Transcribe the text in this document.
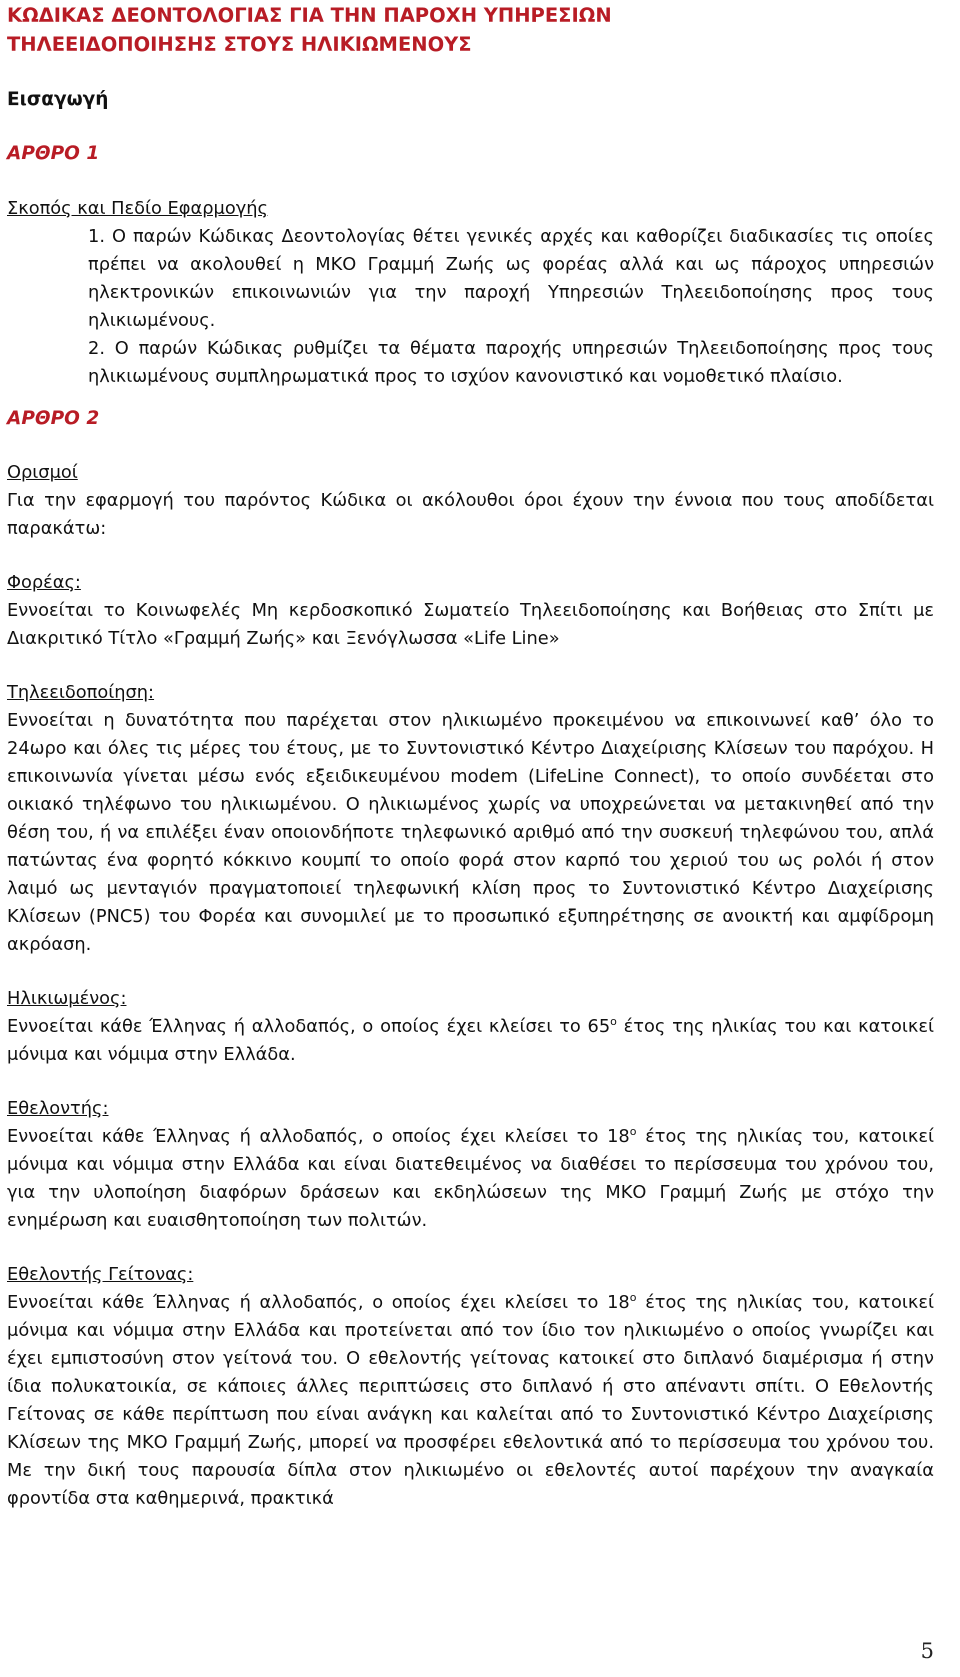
ΚΩΔΙΚΑΣ ΔΕΟΝΤΟΛΟΓΙΑΣ ΓΙΑ ΤΗΝ ΠΑΡΟΧΗ ΥΠΗΡΕΣΙΩΝ
ΤΗΛΕΕΙΔΟΠΟΙΗΣΗΣ ΣΤΟΥΣ ΗΛΙΚΙΩΜΕΝΟΥΣ
Εισαγωγή
ΑΡΘΡΟ 1
Σκοπός και Πεδίο Εφαρμογής
1. Ο παρών Κώδικας Δεοντολογίας θέτει γενικές αρχές και καθορίζει διαδικασίες τις οποίες πρέπει να ακολουθεί η ΜΚΟ Γραμμή Ζωής ως φορέας αλλά και ως πάροχος υπηρεσιών ηλεκτρονικών επικοινωνιών για την παροχή Υπηρεσιών Τηλεειδοποίησης προς τους ηλικιωμένους.
2. Ο παρών Κώδικας ρυθμίζει τα θέματα παροχής υπηρεσιών Τηλεειδοποίησης προς τους ηλικιωμένους συμπληρωματικά προς το ισχύον κανονιστικό και νομοθετικό πλαίσιο.
ΑΡΘΡΟ 2
Ορισμοί
Για την εφαρμογή του παρόντος Κώδικα οι ακόλουθοι όροι έχουν την έννοια που τους αποδίδεται παρακάτω:
Φορέας:
Εννοείται το Κοινωφελές Μη κερδοσκοπικό Σωματείο Τηλεειδοποίησης και Βοήθειας στο Σπίτι με Διακριτικό Τίτλο «Γραμμή Ζωής» και Ξενόγλωσσα «Life Line»
Τηλεειδοποίηση:
Εννοείται η δυνατότητα που παρέχεται στον ηλικιωμένο προκειμένου να επικοινωνεί καθ’ όλο το 24ωρο και όλες τις μέρες του έτους, με το Συντονιστικό Κέντρο Διαχείρισης Κλίσεων του παρόχου. Η επικοινωνία γίνεται μέσω ενός εξειδικευμένου modem (LifeLine Connect), το οποίο συνδέεται στο οικιακό τηλέφωνο του ηλικιωμένου. Ο ηλικιωμένος χωρίς να υποχρεώνεται να μετακινηθεί από την θέση του, ή να επιλέξει έναν οποιονδήποτε τηλεφωνικό αριθμό από την συσκευή τηλεφώνου του, απλά πατώντας ένα φορητό κόκκινο κουμπί το οποίο φορά στον καρπό του χεριού του ως ρολόι ή στον λαιμό ως μενταγιόν πραγματοποιεί τηλεφωνική κλίση προς το Συντονιστικό Κέντρο Διαχείρισης Κλίσεων (PNC5) του Φορέα και συνομιλεί με το προσωπικό εξυπηρέτησης σε ανοικτή και αμφίδρομη ακρόαση.
Ηλικιωμένος:
Εννοείται κάθε Έλληνας ή αλλοδαπός, ο οποίος έχει κλείσει το $65^o$ έτος της ηλικίας του και κατοικεί μόνιμα και νόμιμα στην Ελλάδα.
Εθελοντής:
Εννοείται κάθε Έλληνας ή αλλοδαπός, ο οποίος έχει κλείσει το $18^o$ έτος της ηλικίας του, κατοικεί μόνιμα και νόμιμα στην Ελλάδα και είναι διατεθειμένος να διαθέσει το περίσσευμα του χρόνου του, για την υλοποίηση διαφόρων δράσεων και εκδηλώσεων της ΜΚΟ Γραμμή Ζωής με στόχο την ενημέρωση και ευαισθητοποίηση των πολιτών.
Εθελοντής Γείτονας:
Εννοείται κάθε Έλληνας ή αλλοδαπός, ο οποίος έχει κλείσει το $18^o$ έτος της ηλικίας του, κατοικεί μόνιμα και νόμιμα στην Ελλάδα και προτείνεται από τον ίδιο τον ηλικιωμένο ο οποίος γνωρίζει και έχει εμπιστοσύνη στον γείτονά του. Ο εθελοντής γείτονας κατοικεί στο διπλανό διαμέρισμα ή στην ίδια πολυκατοικία, σε κάποιες άλλες περιπτώσεις στο διπλανό ή στο απέναντι σπίτι. Ο Εθελοντής Γείτονας σε κάθε περίπτωση που είναι ανάγκη και καλείται από το Συντονιστικό Κέντρο Διαχείρισης Κλίσεων της ΜΚΟ Γραμμή Ζωής, μπορεί να προσφέρει εθελοντικά από το περίσσευμα του χρόνου του. Με την δική τους παρουσία δίπλα στον ηλικιωμένο οι εθελοντές αυτοί παρέχουν την αναγκαία φροντίδα στα καθημερινά, πρακτικά
5
